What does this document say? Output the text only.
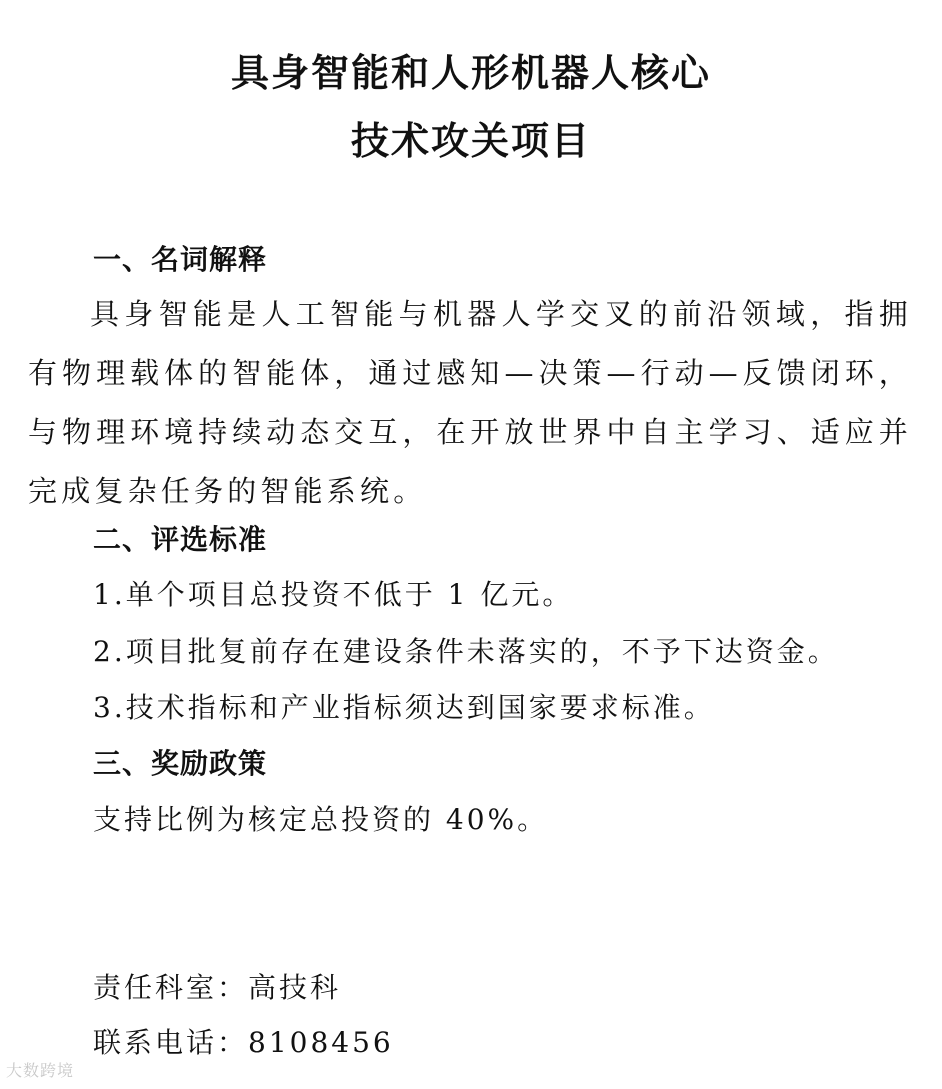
具身智能和人形机器人核心
技术攻关项目
一、名词解释
具身智能是人工智能与机器人学交叉的前沿领域，指拥有物理载体的智能体，通过感知—决策—行动—反馈闭环，与物理环境持续动态交互，在开放世界中自主学习、适应并完成复杂任务的智能系统。
二、评选标准
1.单个项目总投资不低于 1 亿元。
2.项目批复前存在建设条件未落实的，不予下达资金。
3.技术指标和产业指标须达到国家要求标准。
三、奖励政策
支持比例为核定总投资的 40%。
责任科室：高技科
联系电话：8108456
大数跨境
